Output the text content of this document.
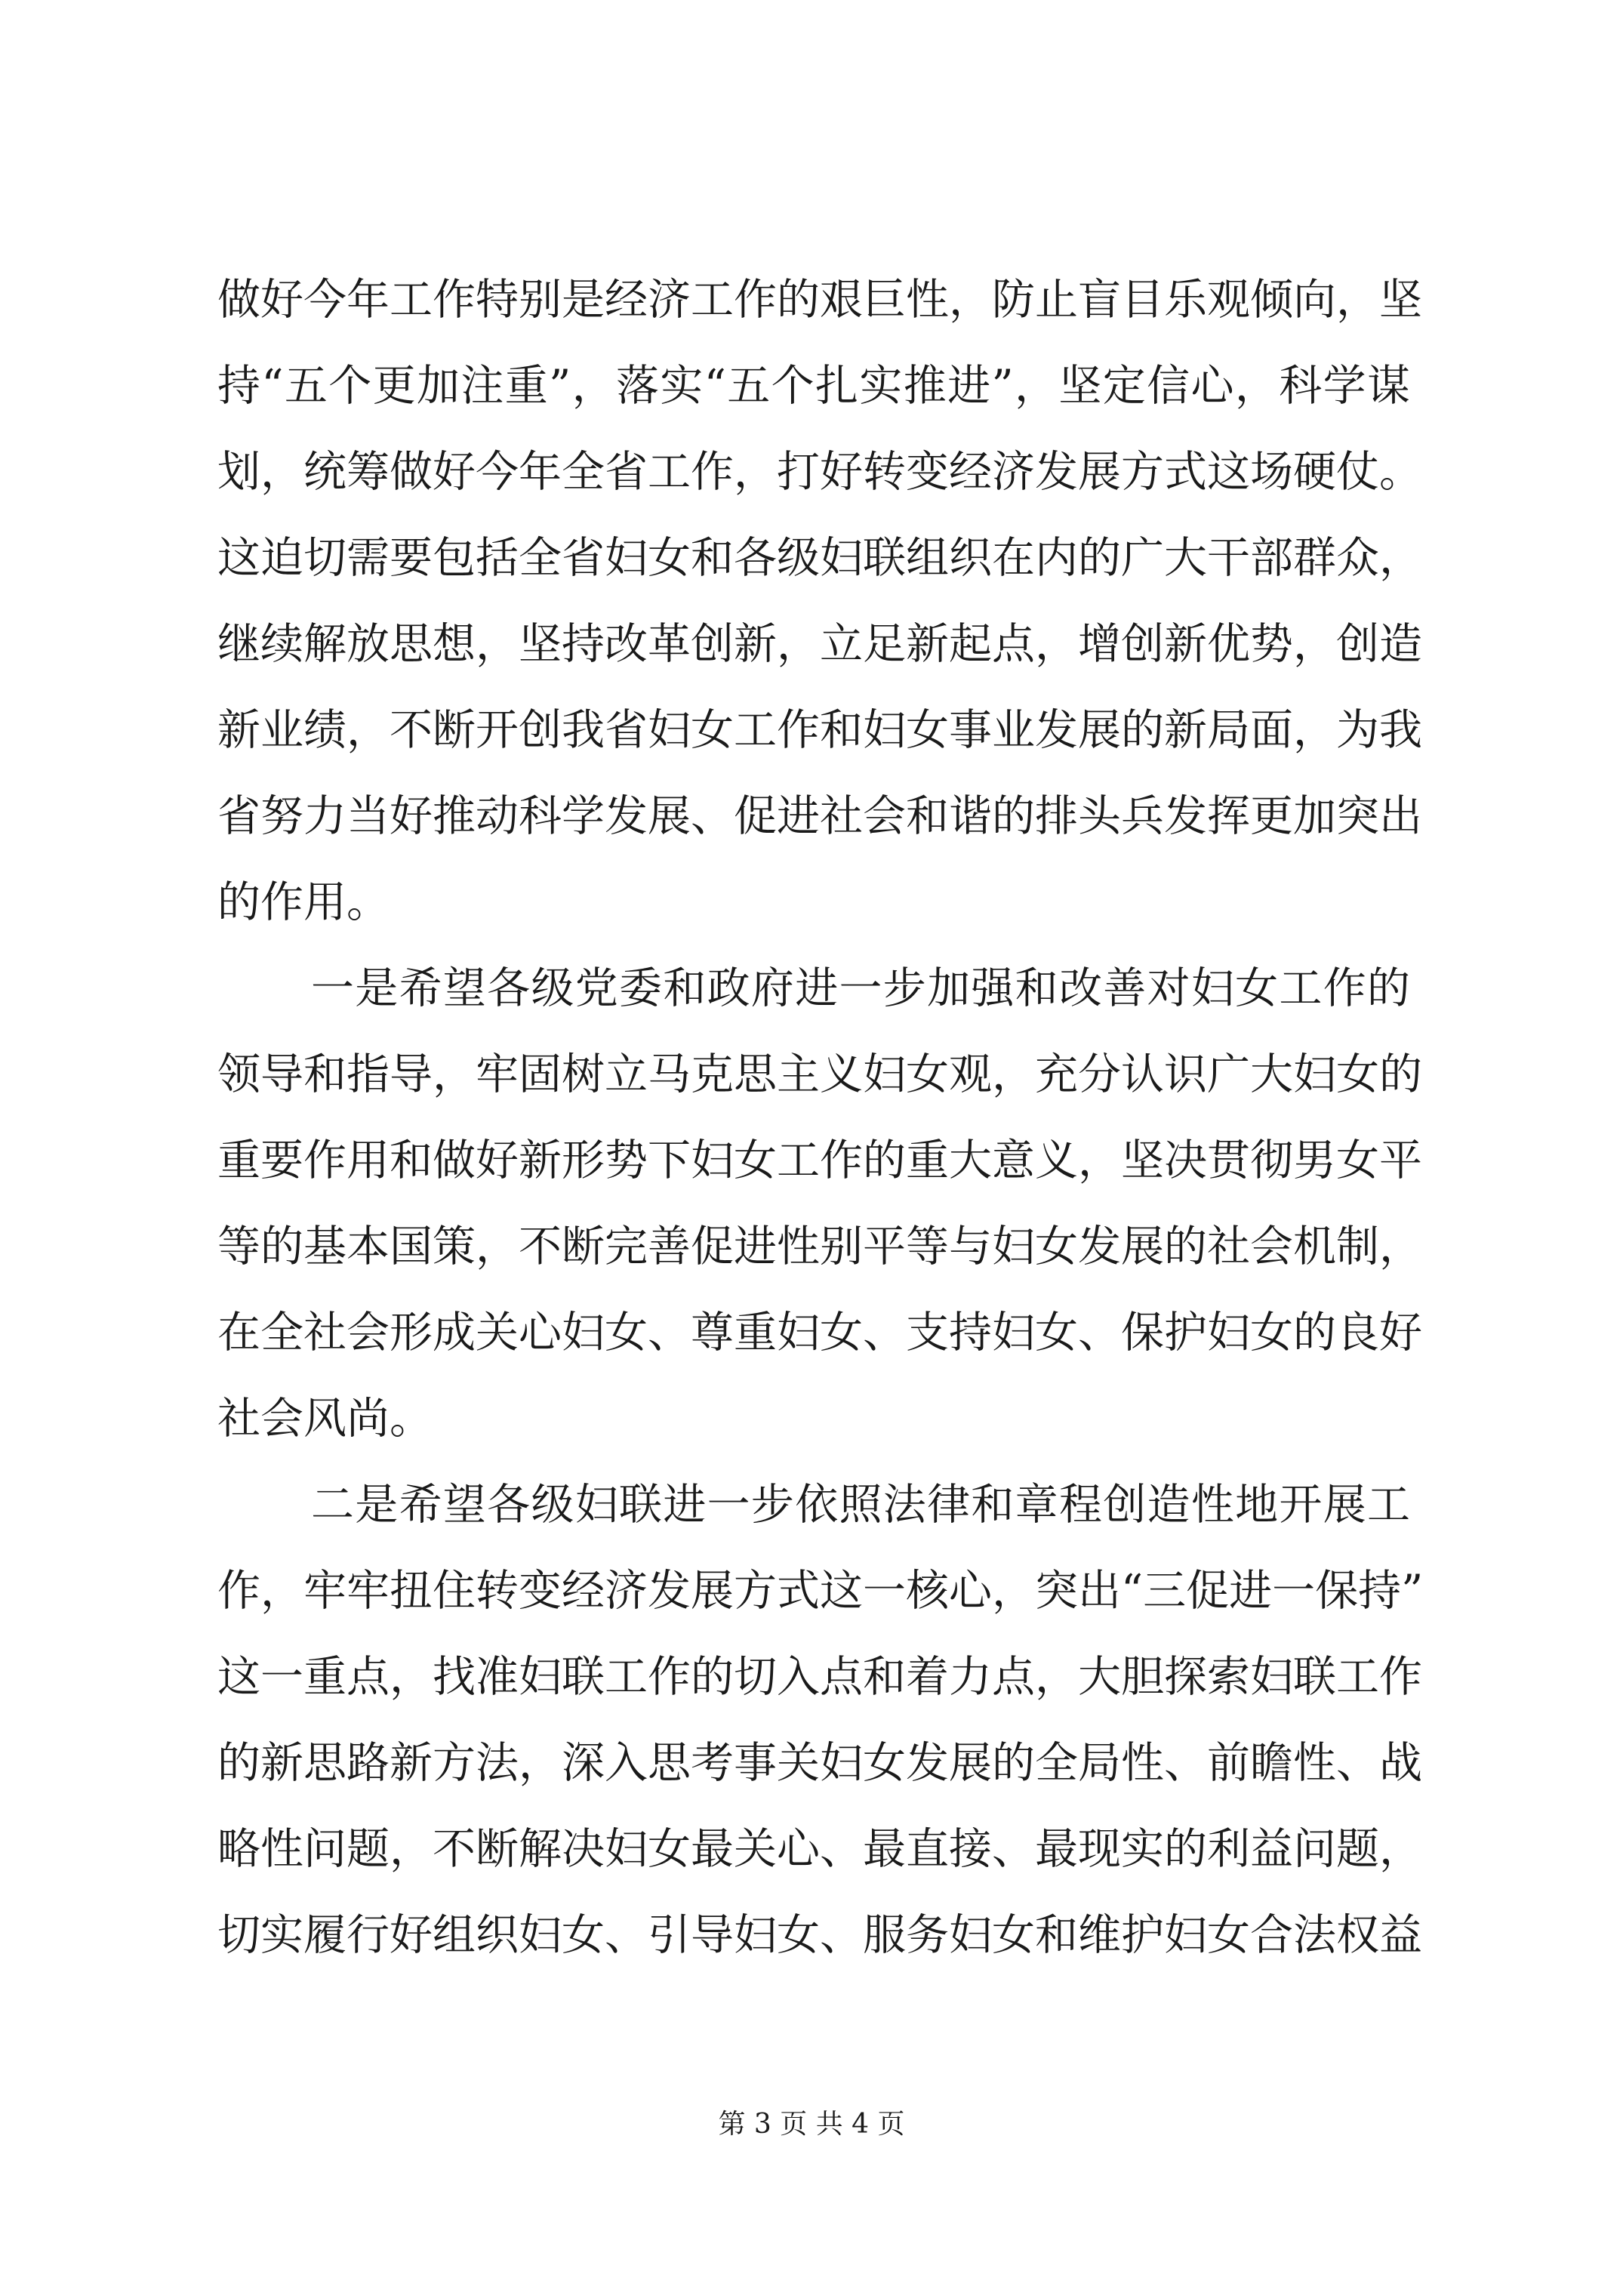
做好今年工作特别是经济工作的艰巨性，防止盲目乐观倾向，坚
持“五个更加注重”，落实“五个扎实推进”，坚定信心，科学谋
划，统筹做好今年全省工作，打好转变经济发展方式这场硬仗。
这迫切需要包括全省妇女和各级妇联组织在内的广大干部群众，
继续解放思想，坚持改革创新，立足新起点，增创新优势，创造
新业绩，不断开创我省妇女工作和妇女事业发展的新局面，为我
省努力当好推动科学发展、促进社会和谐的排头兵发挥更加突出
的作用。
一是希望各级党委和政府进一步加强和改善对妇女工作的
领导和指导，牢固树立马克思主义妇女观，充分认识广大妇女的
重要作用和做好新形势下妇女工作的重大意义，坚决贯彻男女平
等的基本国策，不断完善促进性别平等与妇女发展的社会机制，
在全社会形成关心妇女、尊重妇女、支持妇女、保护妇女的良好
社会风尚。
二是希望各级妇联进一步依照法律和章程创造性地开展工
作，牢牢扭住转变经济发展方式这一核心，突出“三促进一保持”
这一重点，找准妇联工作的切入点和着力点，大胆探索妇联工作
的新思路新方法，深入思考事关妇女发展的全局性、前瞻性、战
略性问题，不断解决妇女最关心、最直接、最现实的利益问题，
切实履行好组织妇女、引导妇女、服务妇女和维护妇女合法权益
第 3 页 共 4 页
